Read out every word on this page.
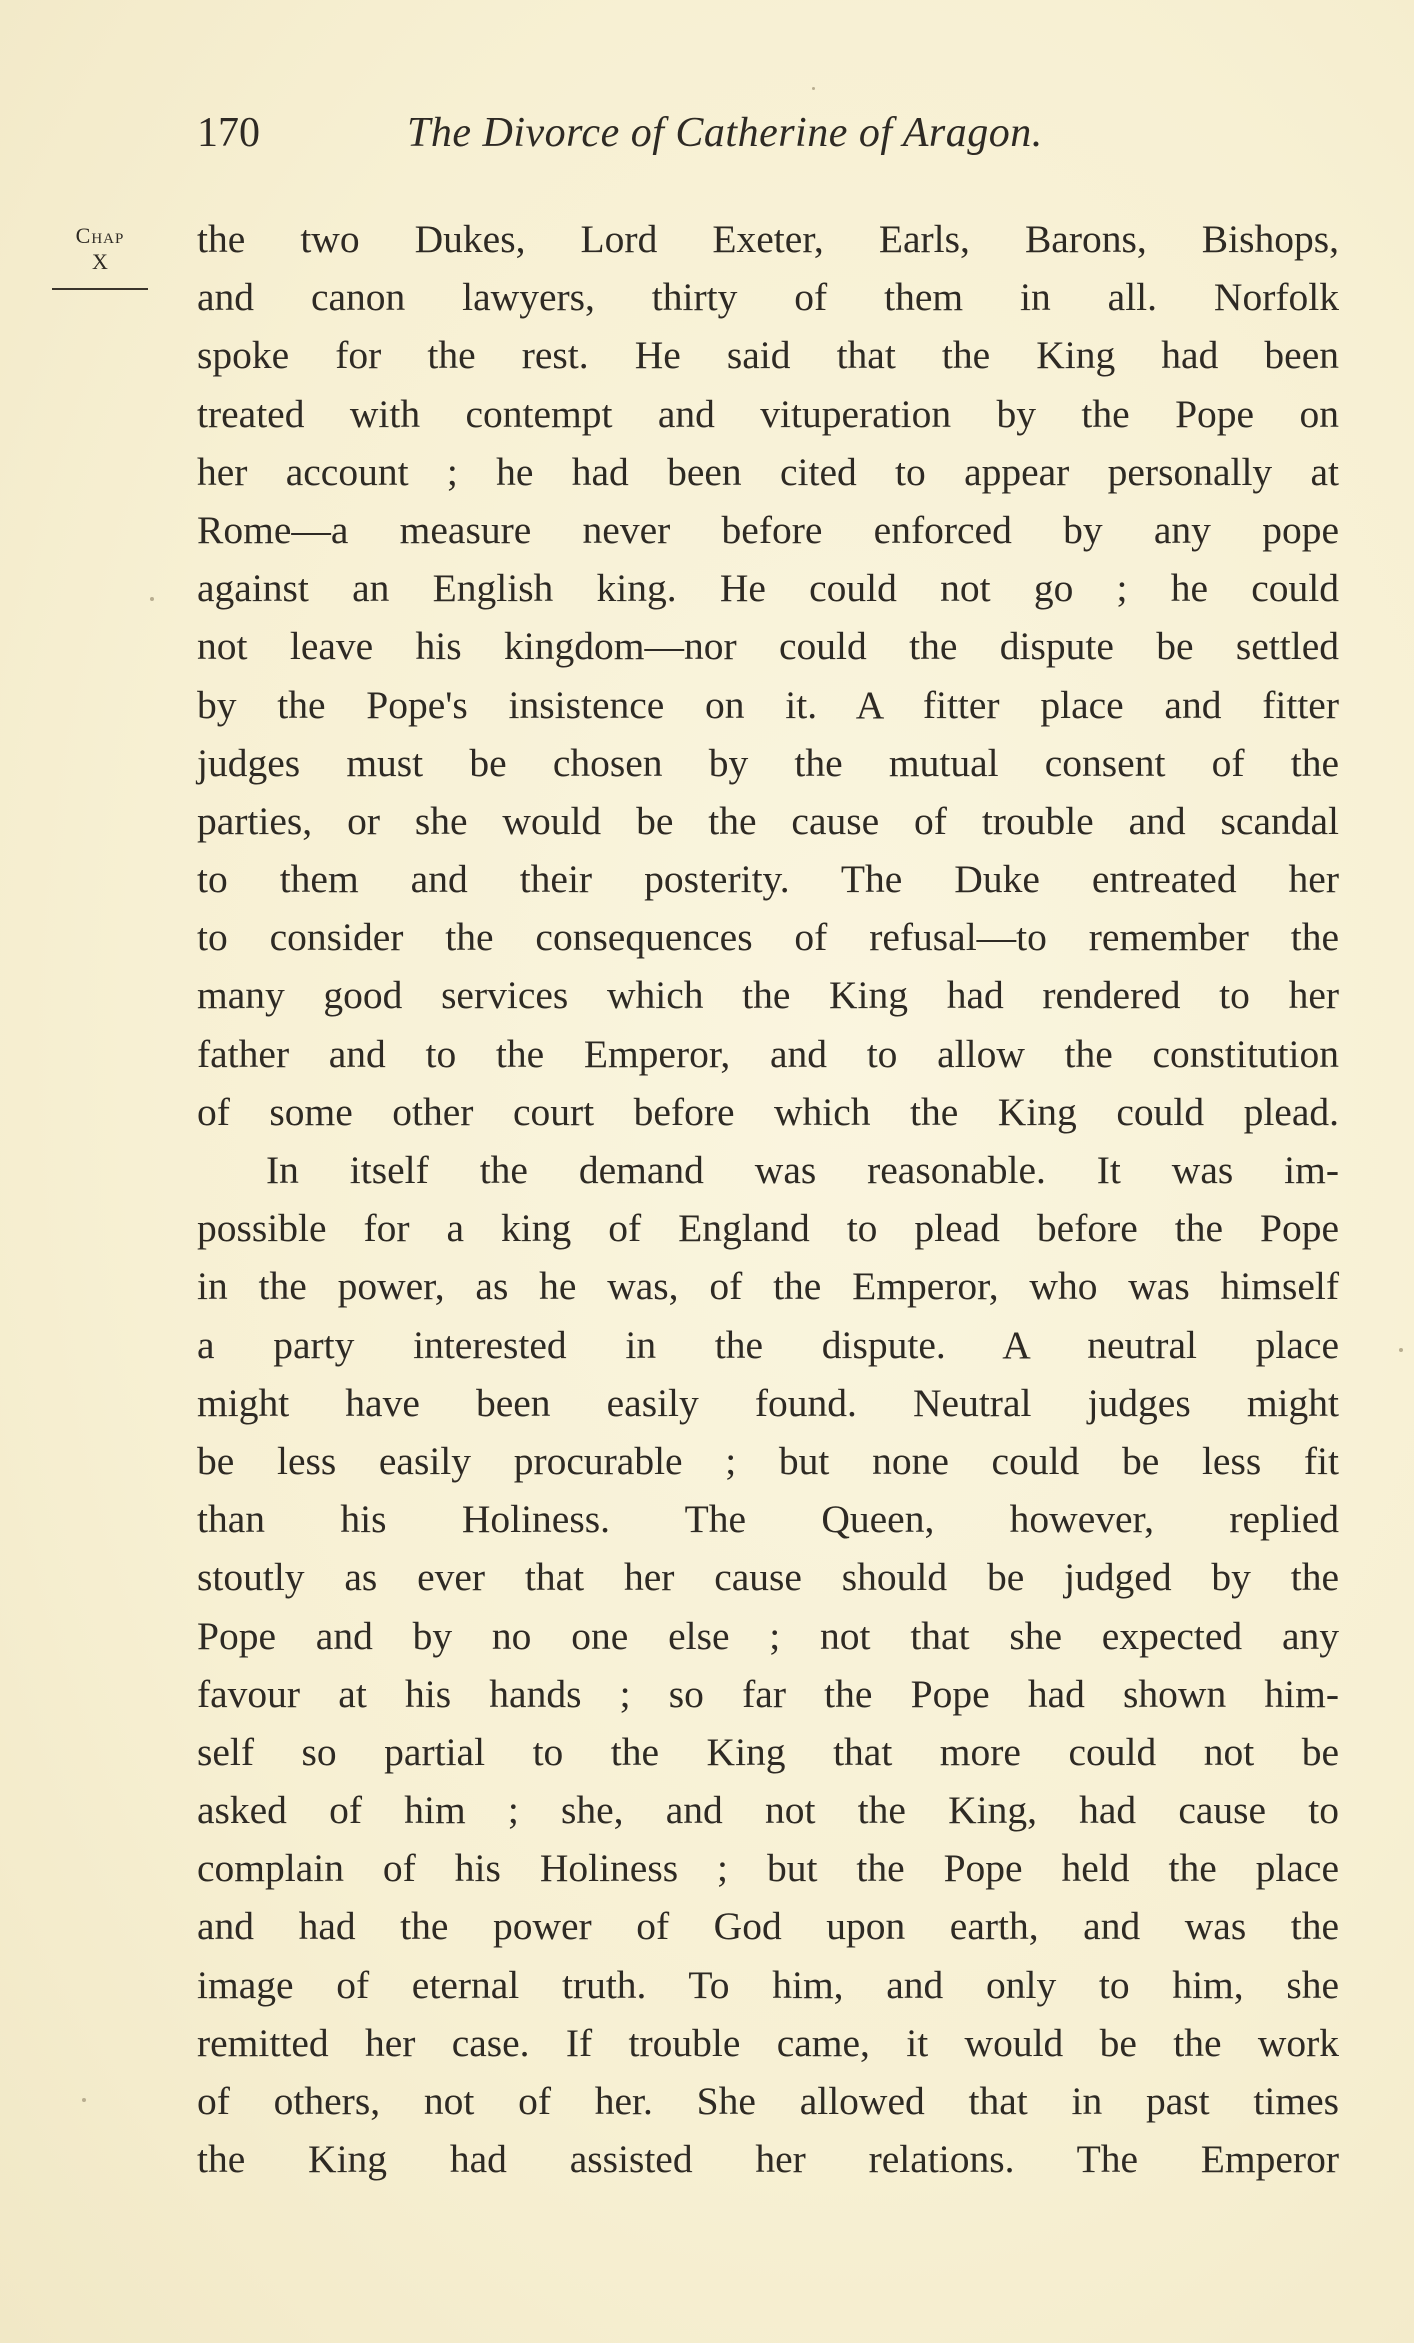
170	The Divorce of Catherine of Aragon.
Chap
X
the two Dukes, Lord Exeter, Earls, Barons, Bishops,
and canon lawyers, thirty of them in all. Norfolk
spoke for the rest. He said that the King had been
treated with contempt and vituperation by the Pope on
her account ; he had been cited to appear personally at
Rome—a measure never before enforced by any pope
against an English king. He could not go ; he could
not leave his kingdom—nor could the dispute be settled
by the Pope's insistence on it. A fitter place and fitter
judges must be chosen by the mutual consent of the
parties, or she would be the cause of trouble and scandal
to them and their posterity. The Duke entreated her
to consider the consequences of refusal—to remember the
many good services which the King had rendered to her
father and to the Emperor, and to allow the constitution
of some other court before which the King could plead.
In itself the demand was reasonable. It was im-
possible for a king of England to plead before the Pope
in the power, as he was, of the Emperor, who was himself
a party interested in the dispute. A neutral place
might have been easily found. Neutral judges might
be less easily procurable ; but none could be less fit
than his Holiness. The Queen, however, replied
stoutly as ever that her cause should be judged by the
Pope and by no one else ; not that she expected any
favour at his hands ; so far the Pope had shown him-
self so partial to the King that more could not be
asked of him ; she, and not the King, had cause to
complain of his Holiness ; but the Pope held the place
and had the power of God upon earth, and was the
image of eternal truth. To him, and only to him, she
remitted her case. If trouble came, it would be the work
of others, not of her. She allowed that in past times
the King had assisted her relations. The Emperor
